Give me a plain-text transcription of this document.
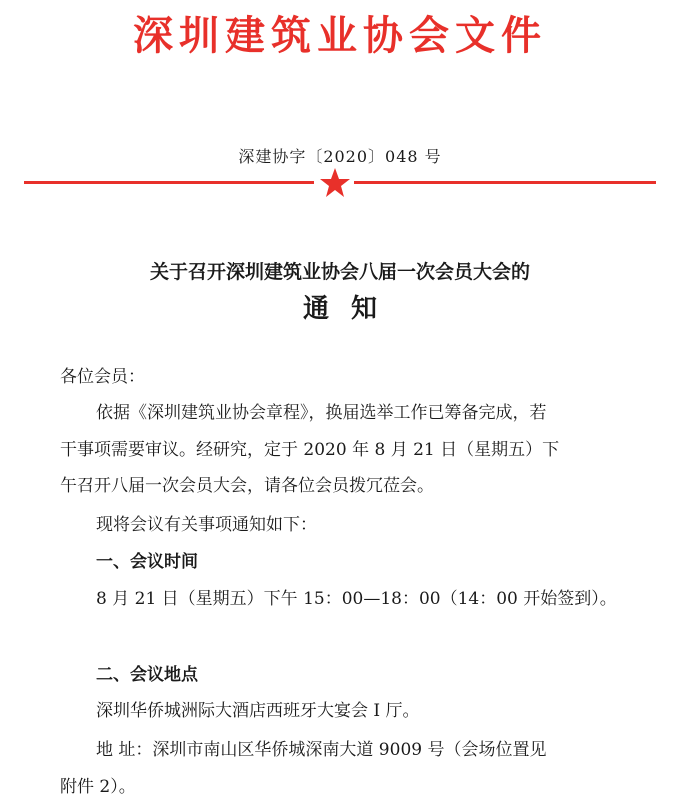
深圳建筑业协会文件
深建协字〔2020〕048 号
关于召开深圳建筑业协会八届一次会员大会的
通知
各位会员：
依据《深圳建筑业协会章程》，换届选举工作已筹备完成，若
干事项需要审议。经研究，定于 2020 年 8 月 21 日（星期五）下
午召开八届一次会员大会，请各位会员拨冗莅会。
现将会议有关事项通知如下：
一、会议时间
8 月 21 日（星期五）下午 15：00—18：00（14：00 开始签到）。
二、会议地点
深圳华侨城洲际大酒店西班牙大宴会 I 厅。
地 址：深圳市南山区华侨城深南大道 9009 号（会场位置见
附件 2）。
